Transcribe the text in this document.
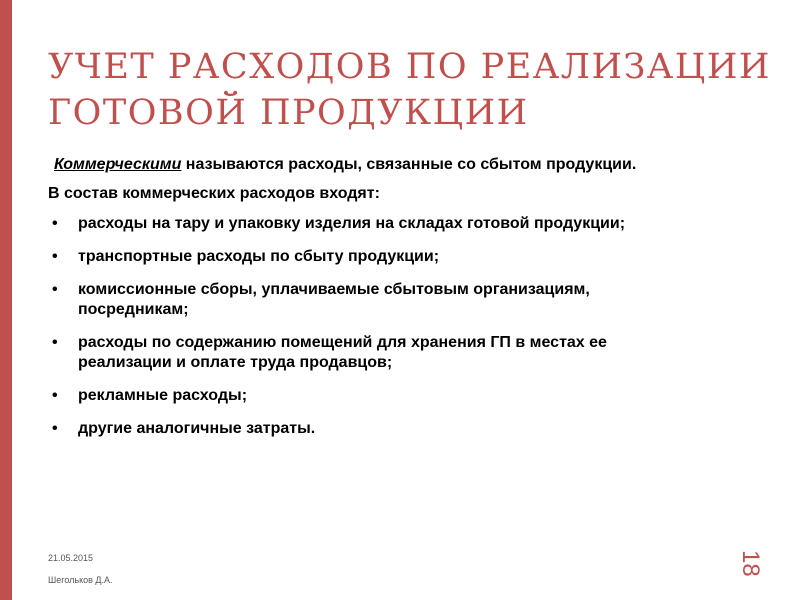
УЧЕТ РАСХОДОВ ПО РЕАЛИЗАЦИИ
ГОТОВОЙ ПРОДУКЦИИ

Коммерческими называются расходы, связанные со сбытом продукции.

В состав коммерческих расходов входят:

• расходы на тару и упаковку изделия на складах готовой продукции;
• транспортные расходы по сбыту продукции;
• комиссионные сборы, уплачиваемые сбытовым организациям, посредникам;
• расходы по содержанию помещений для хранения ГП в местах ее реализации и оплате труда продавцов;
• рекламные расходы;
• другие аналогичные затраты.
21.05.2015
Шегольков Д.А.
18
